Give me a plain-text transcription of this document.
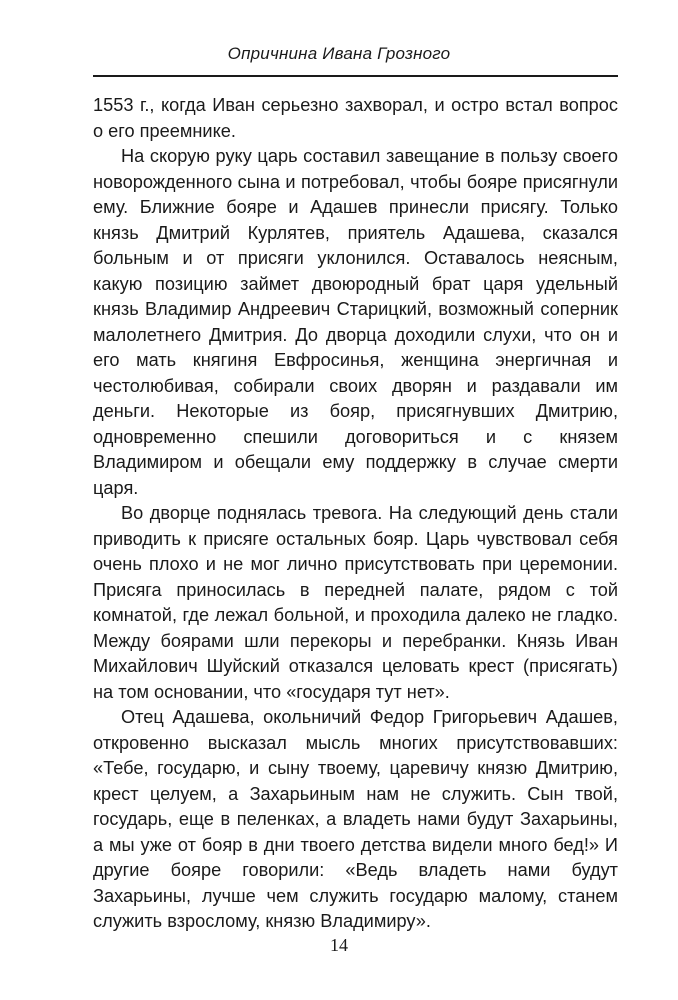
Опричнина Ивана Грозного

1553 г., когда Иван серьезно захворал, и остро встал вопрос о его преемнике.

На скорую руку царь составил завещание в пользу своего новорожденного сына и потребовал, чтобы бояре присягнули ему. Ближние бояре и Адашев принесли присягу. Только князь Дмитрий Курлятев, приятель Адашева, сказался больным и от присяги уклонился. Оставалось неясным, какую позицию займет двоюродный брат царя удельный князь Владимир Андреевич Старицкий, возможный соперник малолетнего Дмитрия. До дворца доходили слухи, что он и его мать княгиня Евфросинья, женщина энергичная и честолюбивая, собирали своих дворян и раздавали им деньги. Некоторые из бояр, присягнувших Дмитрию, одновременно спешили договориться и с князем Владимиром и обещали ему поддержку в случае смерти царя.

Во дворце поднялась тревога. На следующий день стали приводить к присяге остальных бояр. Царь чувствовал себя очень плохо и не мог лично присутствовать при церемонии. Присяга приносилась в передней палате, рядом с той комнатой, где лежал больной, и проходила далеко не гладко. Между боярами шли перекоры и перебранки. Князь Иван Михайлович Шуйский отказался целовать крест (присягать) на том основании, что «государя тут нет».

Отец Адашева, окольничий Федор Григорьевич Адашев, откровенно высказал мысль многих присутствовавших: «Тебе, государю, и сыну твоему, царевичу князю Дмитрию, крест целуем, а Захарьиным нам не служить. Сын твой, государь, еще в пеленках, а владеть нами будут Захарьины, а мы уже от бояр в дни твоего детства видели много бед!» И другие бояре говорили: «Ведь владеть нами будут Захарьины, лучше чем служить государю малому, станем служить взрослому, князю Владимиру».

14
